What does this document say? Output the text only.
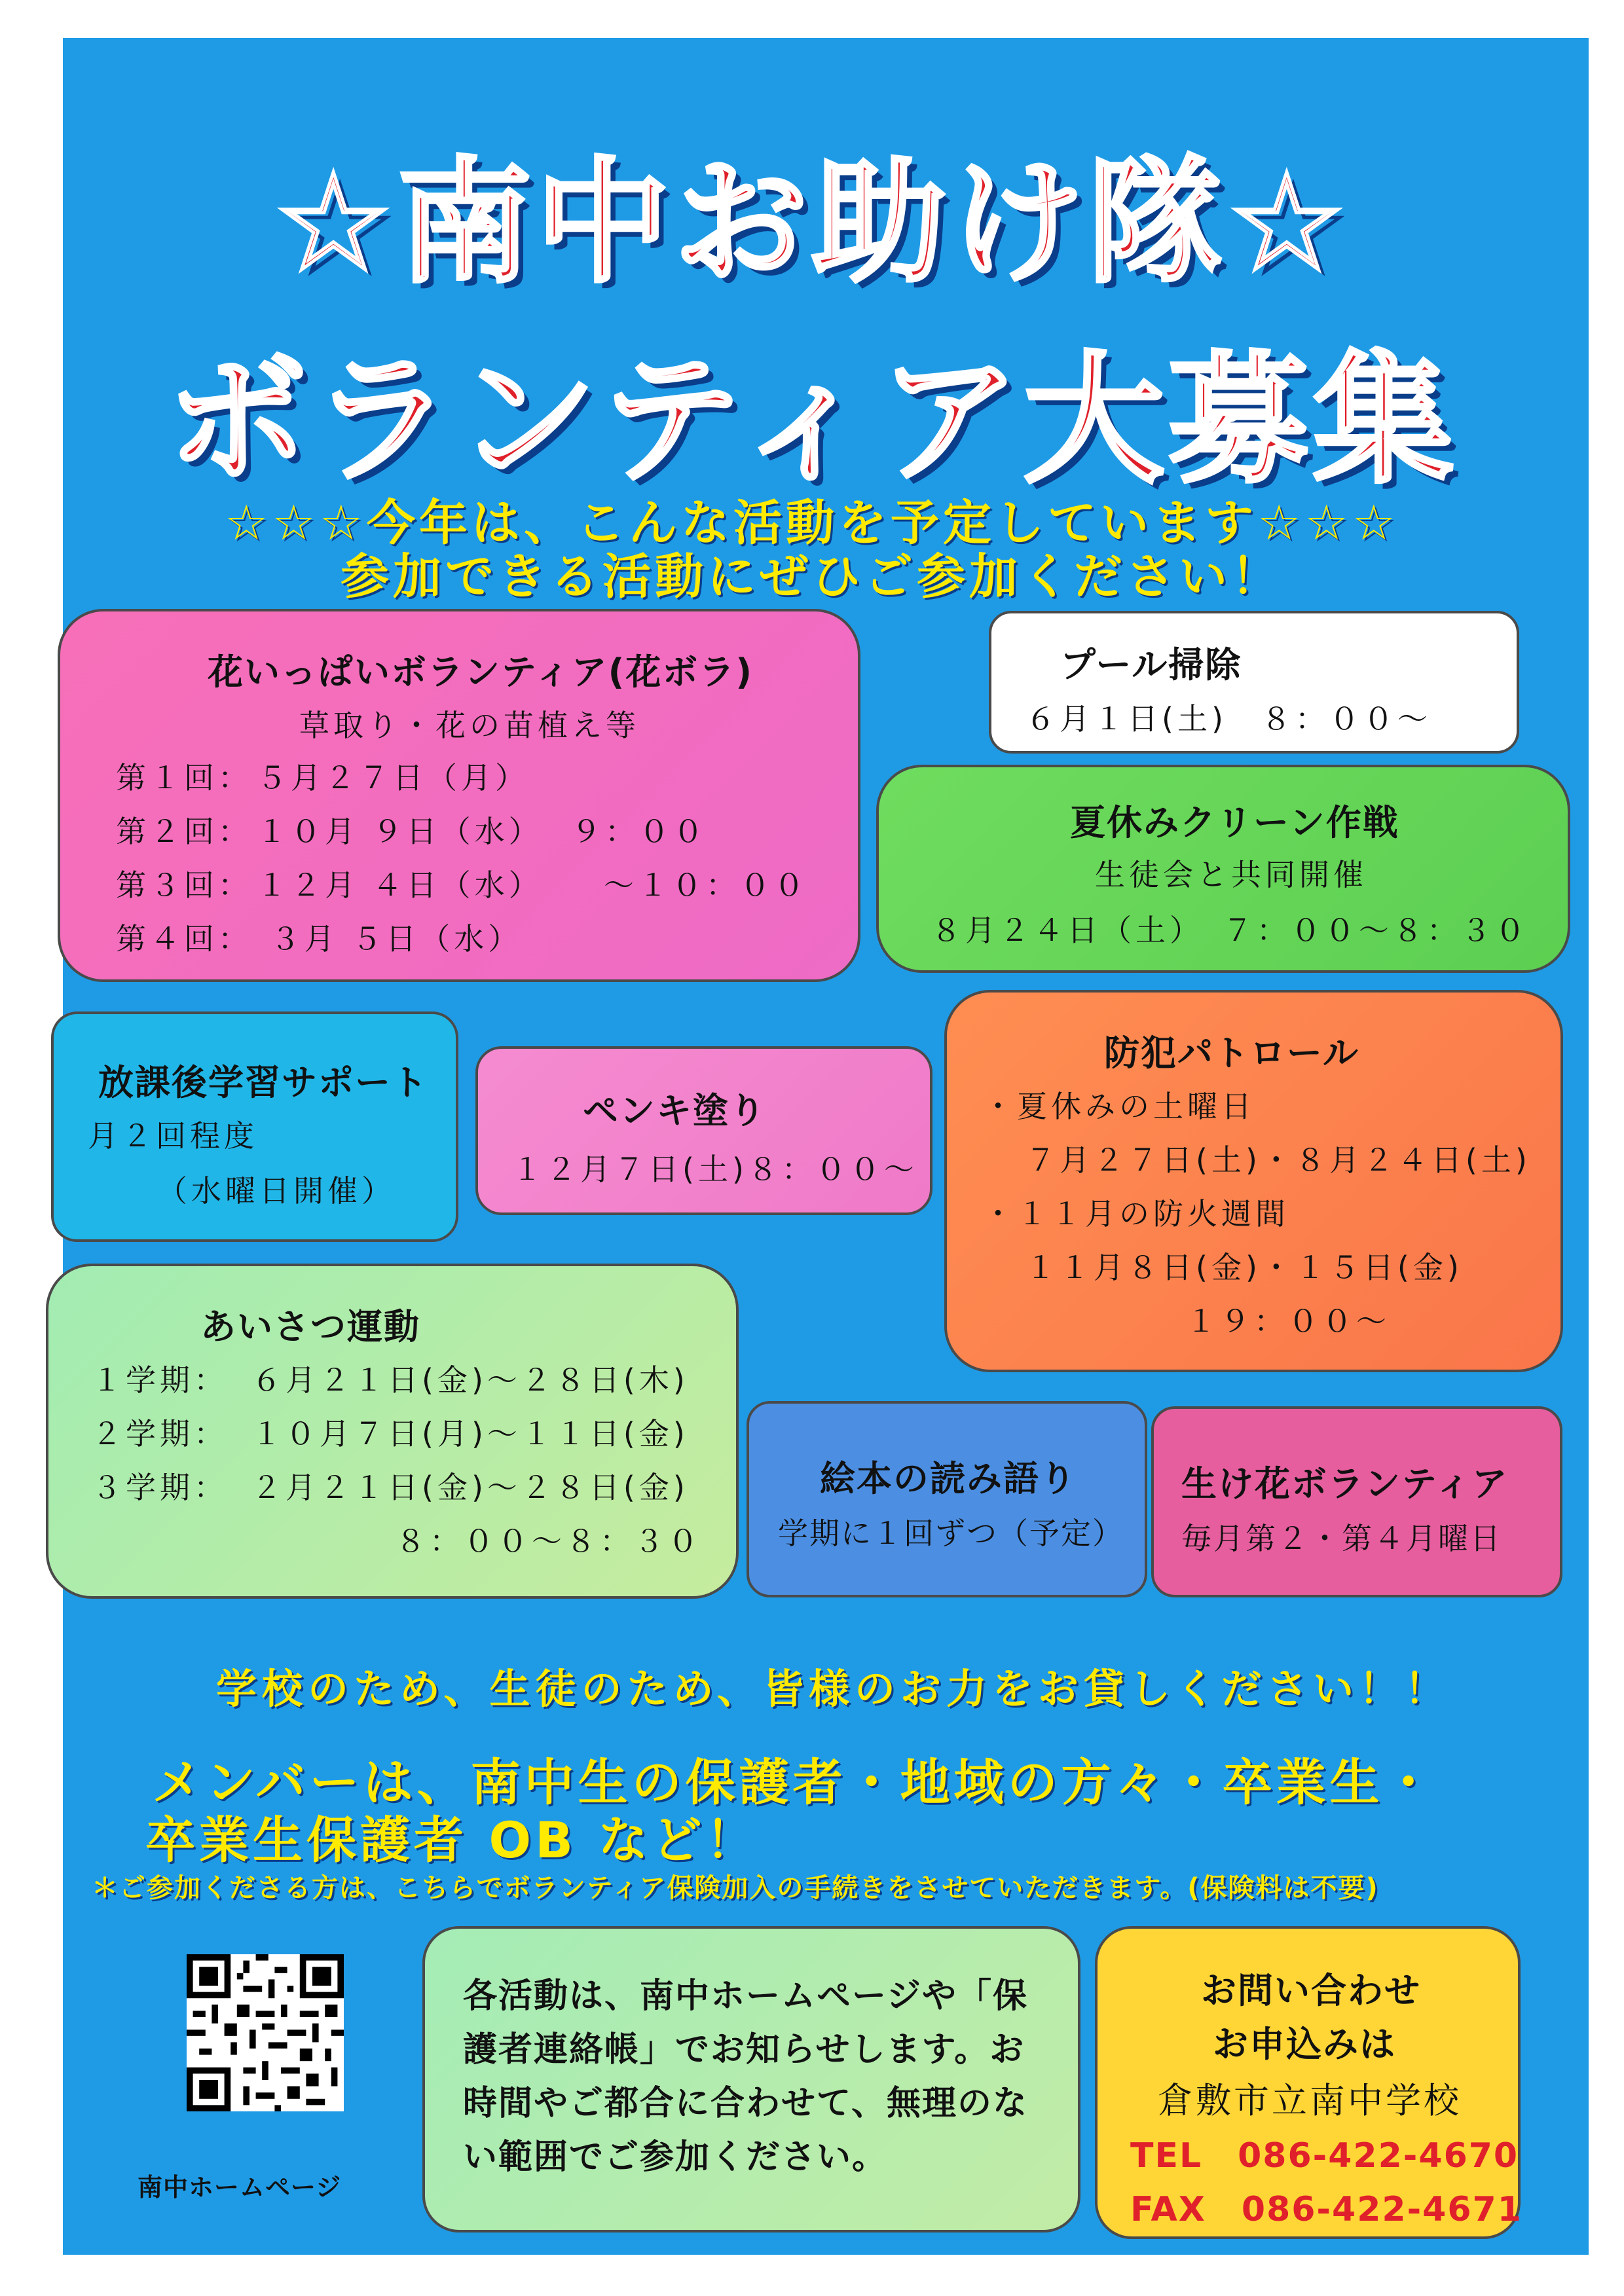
☆南中お助け隊☆
ボランティア大募集
☆☆☆今年は、こんな活動を予定しています☆☆☆
参加できる活動にぜひご参加ください！
花いっぱいボランティア(花ボラ)
草取り・花の苗植え等
第１回： ５月２７日（月）
第２回： １０月 ９日（水） ９：００
第３回： １２月 ４日（水） ～１０：００
第４回： ３月 ５日（水）
プール掃除
６月１日(土)　８：００～
夏休みクリーン作戦
生徒会と共同開催
８月２４日（土）　７：００～８：３０
放課後学習サポート
月２回程度
（水曜日開催）
ペンキ塗り
１２月７日(土)８：００～
防犯パトロール
・夏休みの土曜日
７月２７日(土)・８月２４日(土)
・１１月の防火週間
１１月８日(金)・１５日(金)
１９：００～
あいさつ運動
１学期： ６月２１日(金)～２８日(木)
２学期： １０月７日(月)～１１日(金)
３学期： ２月２１日(金)～２８日(金)
８：００～８：３０
絵本の読み語り
学期に１回ずつ（予定）
生け花ボランティア
毎月第２・第４月曜日
学校のため、生徒のため、皆様のお力をお貸しください！！
メンバーは、南中生の保護者・地域の方々・卒業生・
卒業生保護者 OB など！
＊ご参加くださる方は、こちらでボランティア保険加入の手続きをさせていただきます。(保険料は不要)
南中ホームページ
各活動は、南中ホームページや「保
護者連絡帳」でお知らせします。お
時間やご都合に合わせて、無理のな
い範囲でご参加ください。
お問い合わせ
お申込みは
倉敷市立南中学校
TEL　086-422-4670
FAX　086-422-4671
